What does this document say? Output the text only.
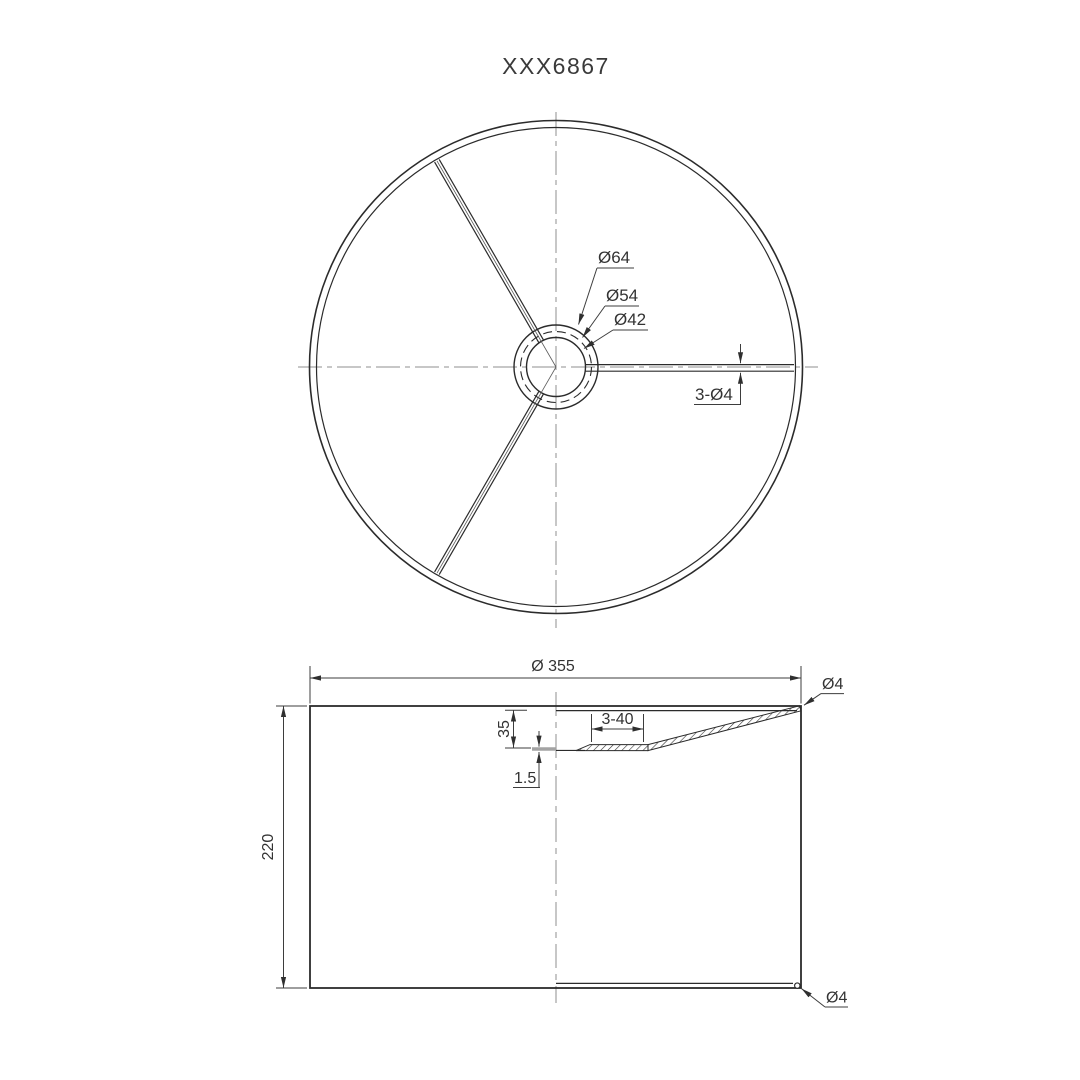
XXX6867
Ø64
Ø54
Ø42
3-Ø4
Ø 355
220
35
1.5
3-40
Ø4
Ø4
